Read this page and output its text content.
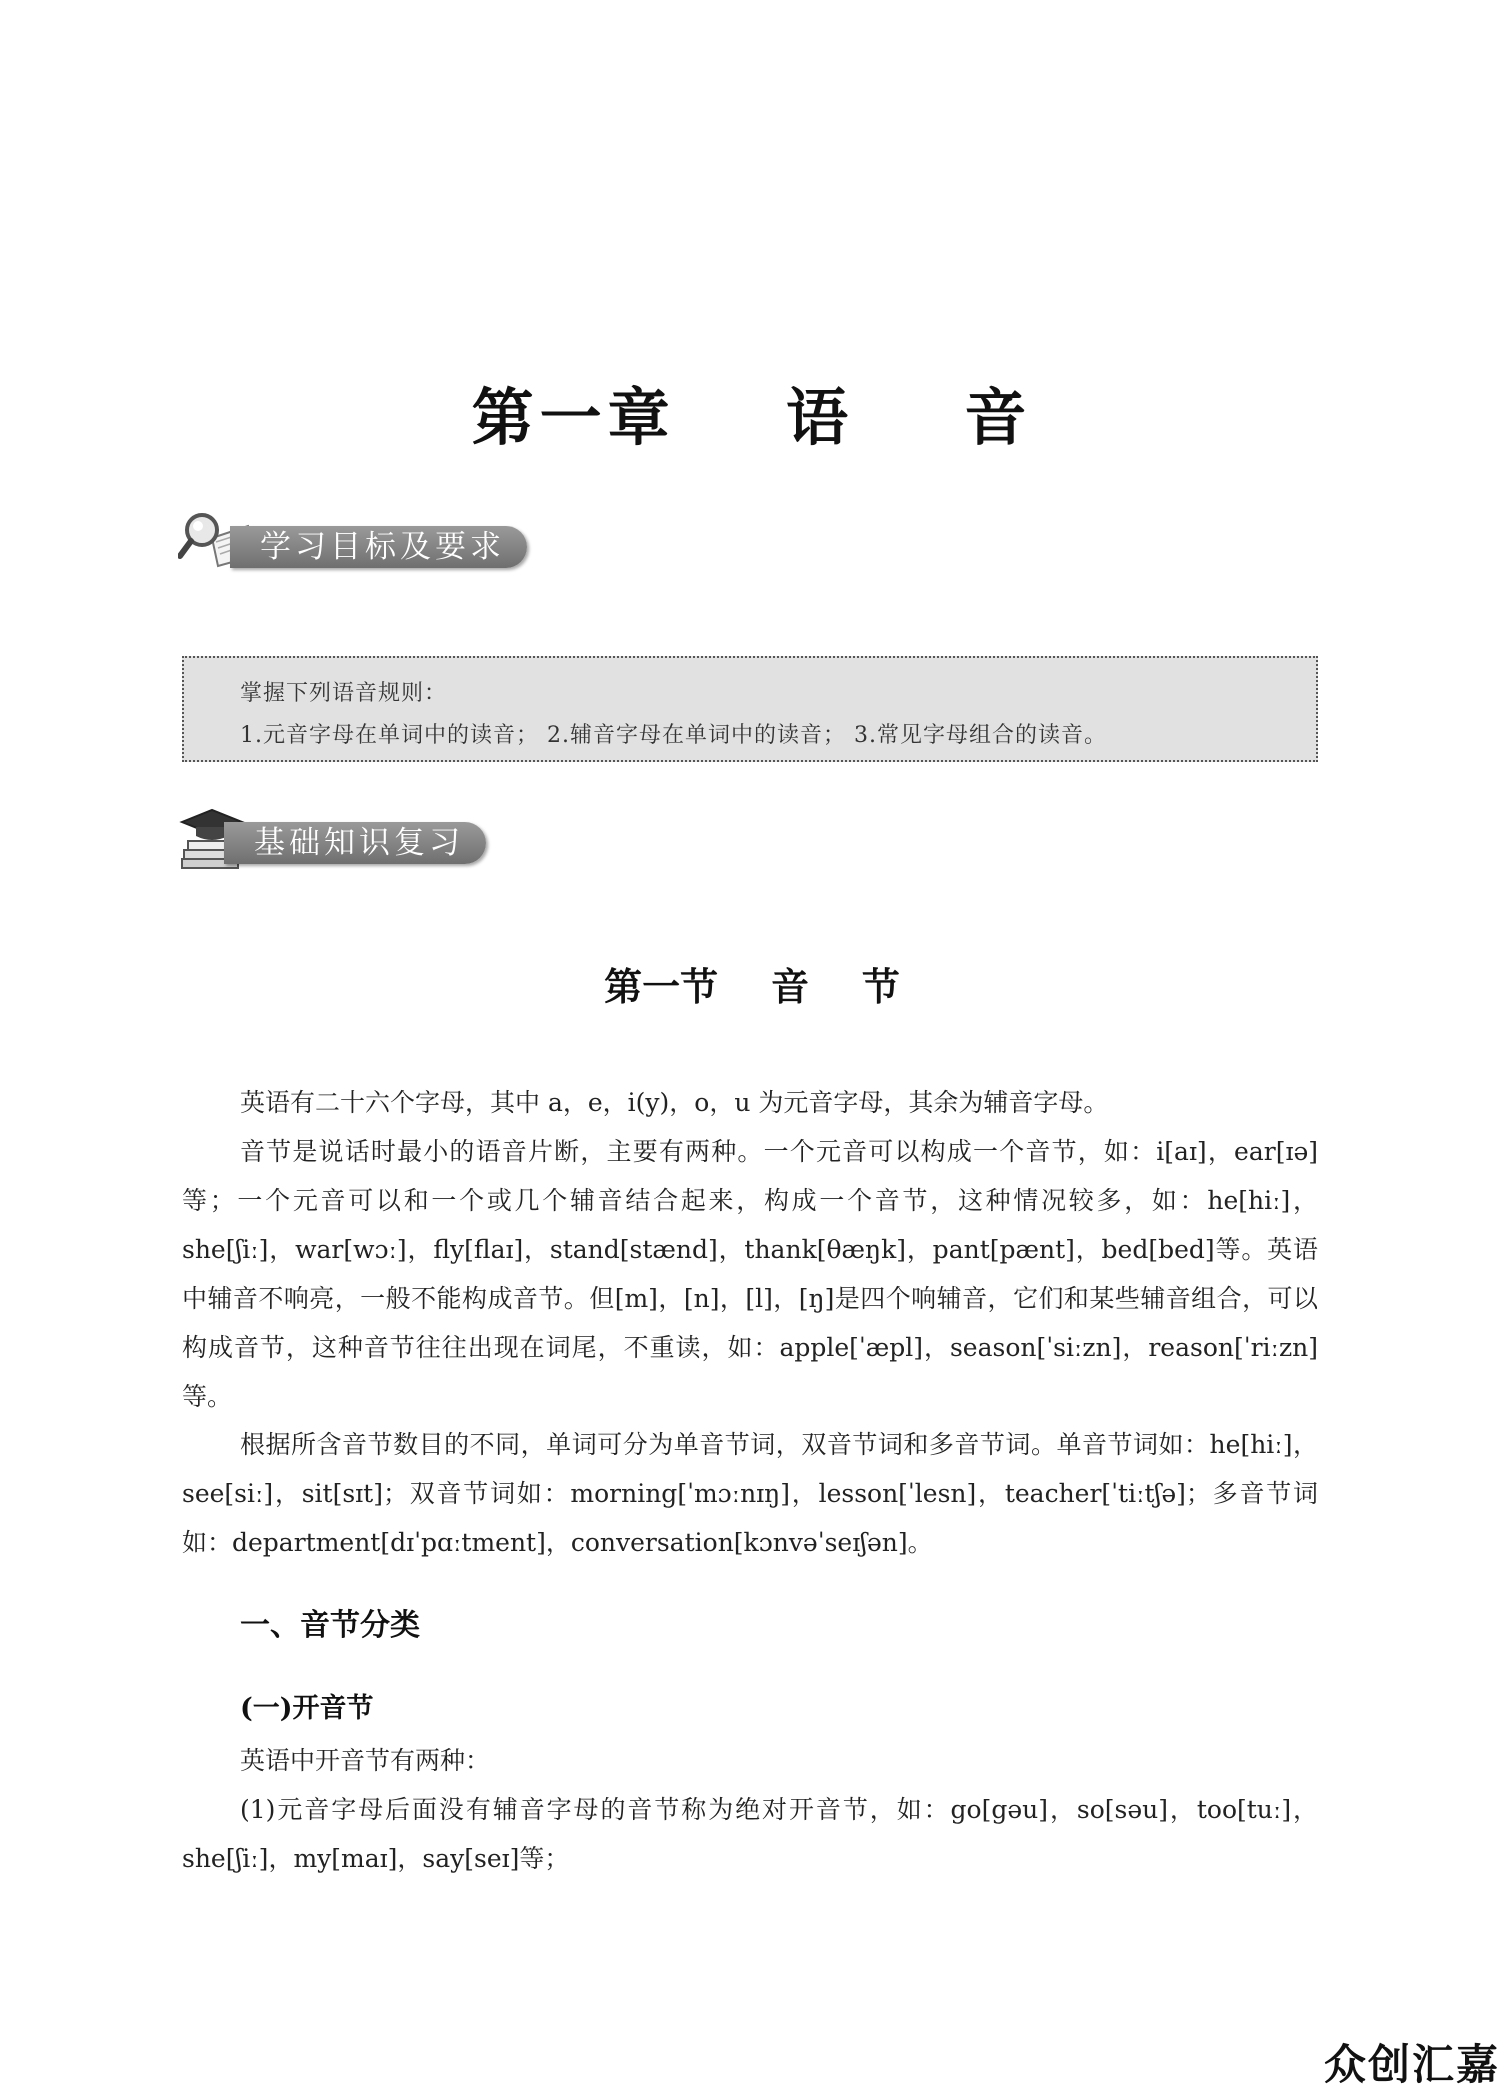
第一章    语    音
学习目标及要求
掌握下列语音规则：
1.元音字母在单词中的读音； 2.辅音字母在单词中的读音； 3.常见字母组合的读音。
基础知识复习
第一节    音    节
英语有二十六个字母，其中 a，e，i(y)，o，u 为元音字母，其余为辅音字母。
音节是说话时最小的语音片断，主要有两种。一个元音可以构成一个音节，如：i[aɪ]，ear[ɪə]等；一个元音可以和一个或几个辅音结合起来，构成一个音节，这种情况较多，如：he[hiː]，she[ʃiː]，war[wɔː]，fly[flaɪ]，stand[stænd]，thank[θæŋk]，pant[pænt]，bed[bed]等。英语中辅音不响亮，一般不能构成音节。但[m]，[n]，[l]，[ŋ]是四个响辅音，它们和某些辅音组合，可以构成音节，这种音节往往出现在词尾，不重读，如：apple[ˈæpl]，season[ˈsiːzn]，reason[ˈriːzn]等。
根据所含音节数目的不同，单词可分为单音节词，双音节词和多音节词。单音节词如：he[hiː]，see[siː]，sit[sɪt]；双音节词如：morning[ˈmɔːnɪŋ]，lesson[ˈlesn]，teacher[ˈtiːtʃə]；多音节词如：department[dɪˈpɑːtment]，conversation[kɔnvəˈseɪʃən]。
一、音节分类
(一)开音节
英语中开音节有两种：
(1)元音字母后面没有辅音字母的音节称为绝对开音节，如：go[gəu]，so[səu]，too[tuː]，she[ʃiː]，my[maɪ]，say[seɪ]等；
众创汇嘉
